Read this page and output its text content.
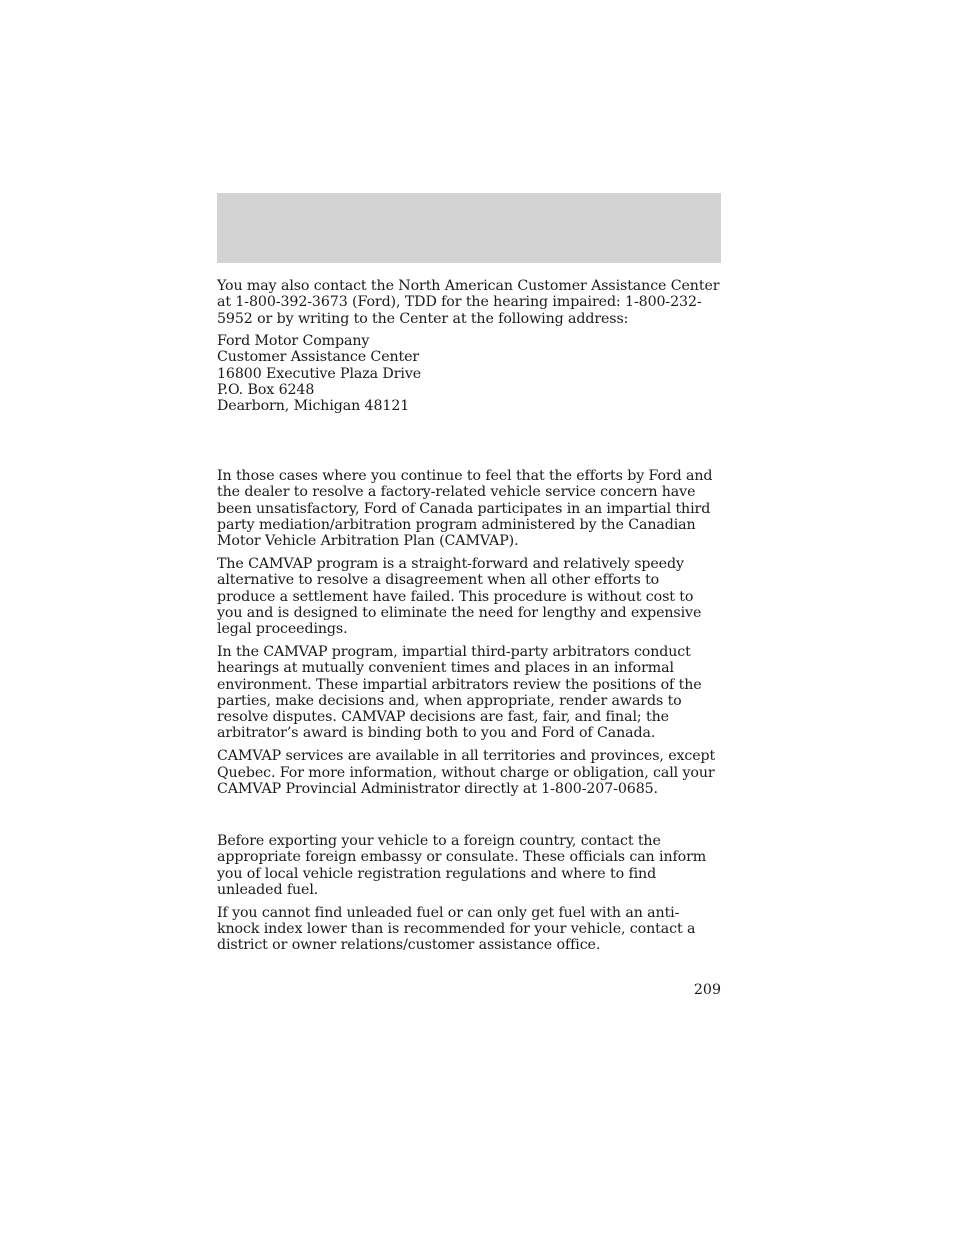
You may also contact the North American Customer Assistance Center at 1-800-392-3673 (Ford), TDD for the hearing impaired: 1-800-232-5952 or by writing to the Center at the following address:

Ford Motor Company

Customer Assistance Center

16800 Executive Plaza Drive

P.O. Box 6248

Dearborn, Michigan 48121

In those cases where you continue to feel that the efforts by Ford and the dealer to resolve a factory-related vehicle service concern have been unsatisfactory, Ford of Canada participates in an impartial third party mediation/arbitration program administered by the Canadian Motor Vehicle Arbitration Plan (CAMVAP).

The CAMVAP program is a straight-forward and relatively speedy alternative to resolve a disagreement when all other efforts to produce a settlement have failed. This procedure is without cost to you and is designed to eliminate the need for lengthy and expensive legal proceedings.

In the CAMVAP program, impartial third-party arbitrators conduct hearings at mutually convenient times and places in an informal environment. These impartial arbitrators review the positions of the parties, make decisions and, when appropriate, render awards to resolve disputes. CAMVAP decisions are fast, fair, and final; the arbitrator’s award is binding both to you and Ford of Canada.

CAMVAP services are available in all territories and provinces, except Quebec. For more information, without charge or obligation, call your CAMVAP Provincial Administrator directly at 1-800-207-0685.

Before exporting your vehicle to a foreign country, contact the appropriate foreign embassy or consulate. These officials can inform you of local vehicle registration regulations and where to find unleaded fuel.

If you cannot find unleaded fuel or can only get fuel with an anti-knock index lower than is recommended for your vehicle, contact a district or owner relations/customer assistance office.

209
